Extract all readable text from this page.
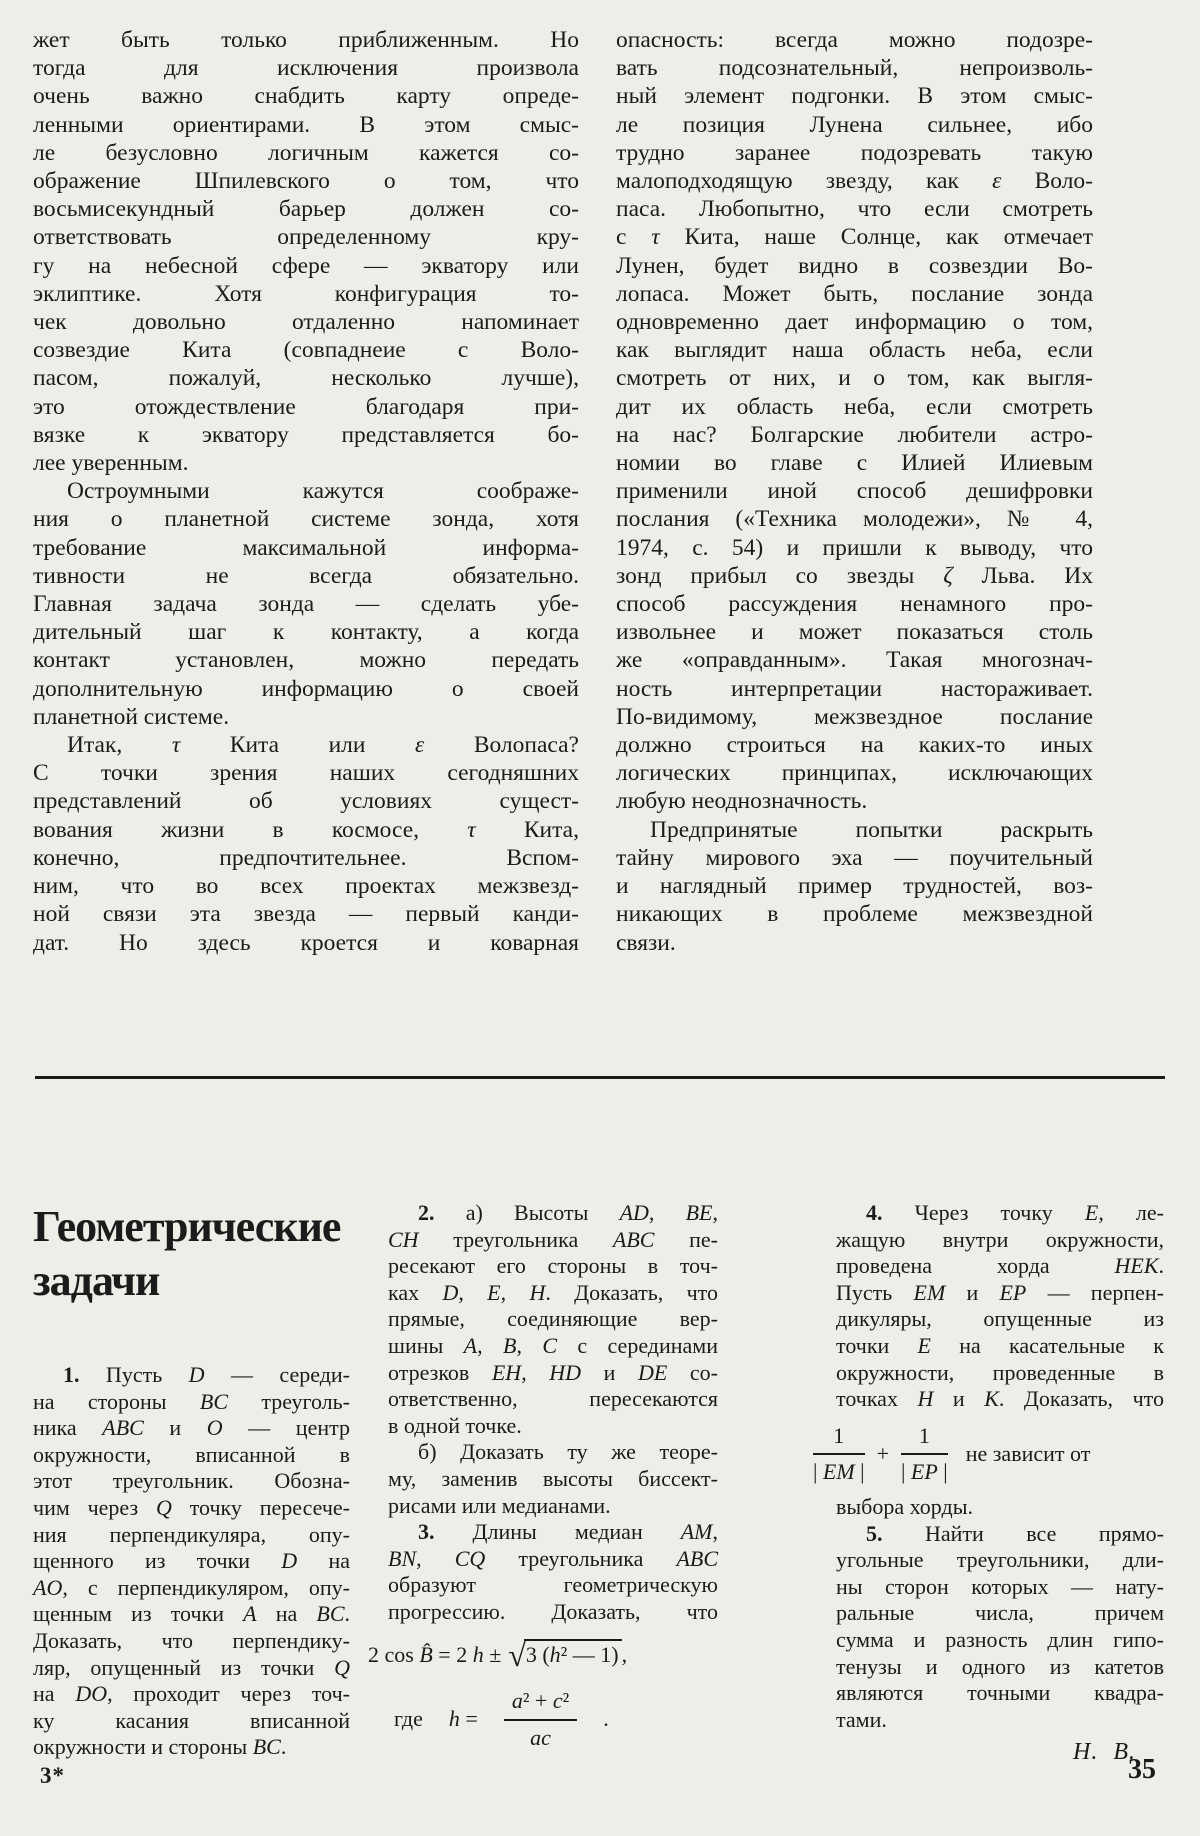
жет быть только приближенным. Но
тогда для исключения произвола
очень важно снабдить карту опреде-
ленными ориентирами. В этом смыс-
ле безусловно логичным кажется со-
ображение Шпилевского о том, что
восьмисекундный барьер должен со-
ответствовать определенному кру-
гу на небесной сфере — экватору или
эклиптике. Хотя конфигурация то-
чек довольно отдаленно напоминает
созвездие Кита (совпаднеие с Воло-
пасом, пожалуй, несколько лучше),
это отождествление благодаря при-
вязке к экватору представляется бо-
лее уверенным.
Остроумными кажутся соображе-
ния о планетной системе зонда, хотя
требование максимальной информа-
тивности не всегда обязательно.
Главная задача зонда — сделать убе-
дительный шаг к контакту, а когда
контакт установлен, можно передать
дополнительную информацию о своей
планетной системе.
Итак, τ Кита или ε Волопаса?
С точки зрения наших сегодняшних
представлений об условиях сущест-
вования жизни в космосе, τ Кита,
конечно, предпочтительнее. Вспом-
ним, что во всех проектах межзвезд-
ной связи эта звезда — первый канди-
дат. Но здесь кроется и коварная
опасность: всегда можно подозре-
вать подсознательный, непроизволь-
ный элемент подгонки. В этом смыс-
ле позиция Лунена сильнее, ибо
трудно заранее подозревать такую
малоподходящую звезду, как ε Воло-
паса. Любопытно, что если смотреть
с τ Кита, наше Солнце, как отмечает
Лунен, будет видно в созвездии Во-
лопаса. Может быть, послание зонда
одновременно дает информацию о том,
как выглядит наша область неба, если
смотреть от них, и о том, как выгля-
дит их область неба, если смотреть
на нас? Болгарские любители астро-
номии во главе с Илией Илиевым
применили иной способ дешифровки
послания («Техника молодежи», № 4,
1974, с. 54) и пришли к выводу, что
зонд прибыл со звезды ζ Льва. Их
способ рассуждения ненамного про-
извольнее и может показаться столь
же «оправданным». Такая многознач-
ность интерпретации настораживает.
По-видимому, межзвездное послание
должно строиться на каких-то иных
логических принципах, исключающих
любую неоднозначность.
Предпринятые попытки раскрыть
тайну мирового эха — поучительный
и наглядный пример трудностей, воз-
никающих в проблеме межзвездной
связи.
Геометрические
задачи
1. Пусть D — середи-
на стороны BC треуголь-
ника ABC и O — центр
окружности, вписанной в
этот треугольник. Обозна-
чим через Q точку пересече-
ния перпендикуляра, опу-
щенного из точки D на
AO, с перпендикуляром, опу-
щенным из точки A на BC.
Доказать, что перпендику-
ляр, опущенный из точки Q
на DO, проходит через точ-
ку касания вписанной
окружности и стороны BC.
2. а) Высоты AD, BE,
CH треугольника ABC пе-
ресекают его стороны в точ-
ках D, E, H. Доказать, что
прямые, соединяющие вер-
шины A, B, C с серединами
отрезков EH, HD и DE со-
ответственно, пересекаются
в одной точке.
б) Доказать ту же теоре-
му, заменив высоты биссект-
рисами или медианами.
3. Длины медиан AM,
BN, CQ треугольника ABC
образуют геометрическую
прогрессию. Доказать, что
2 cos B̂ = 2 h ± √3 (h² — 1) ,
где $h = \frac{\text{a² + c²}}{ac}$ .
4. Через точку E, ле-
жащую внутри окружности,
проведена хорда HEK.
Пусть EM и EP — перпен-
дикуляры, опущенные из
точки E на касательные к
окружности, проведенные в
точках H и K. Доказать, что
$\frac{1}{| EM |} + \frac{1}{| EP |}$ не зависит от
выбора хорды.
5. Найти все прямо-
угольные треугольники, дли-
ны сторон которых — нату-
ральные числа, причем
сумма и разность длин гипо-
тенузы и одного из катетов
являются точными квадра-
тами.
Н. В.
3*	35
